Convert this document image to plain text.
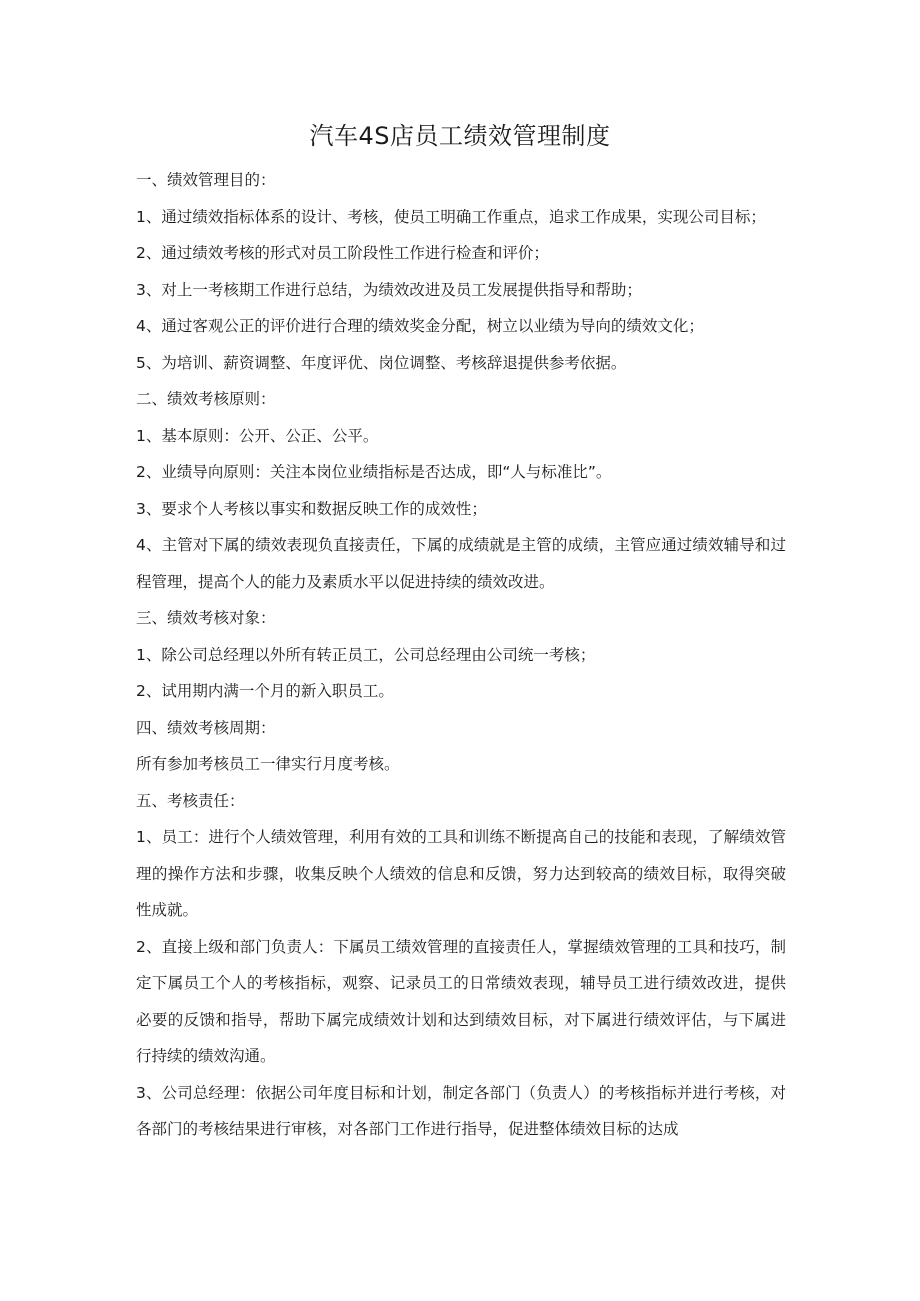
汽车4S店员工绩效管理制度

一、绩效管理目的：

1、通过绩效指标体系的设计、考核，使员工明确工作重点，追求工作成果，实现公司目标；

2、通过绩效考核的形式对员工阶段性工作进行检查和评价；

3、对上一考核期工作进行总结，为绩效改进及员工发展提供指导和帮助；

4、通过客观公正的评价进行合理的绩效奖金分配，树立以业绩为导向的绩效文化；

5、为培训、薪资调整、年度评优、岗位调整、考核辞退提供参考依据。

二、绩效考核原则：

1、基本原则：公开、公正、公平。

2、业绩导向原则：关注本岗位业绩指标是否达成，即“人与标准比”。

3、要求个人考核以事实和数据反映工作的成效性；

4、主管对下属的绩效表现负直接责任，下属的成绩就是主管的成绩，主管应通过绩效辅导和过程管理，提高个人的能力及素质水平以促进持续的绩效改进。

三、绩效考核对象：

1、除公司总经理以外所有转正员工，公司总经理由公司统一考核；

2、试用期内满一个月的新入职员工。

四、绩效考核周期：

所有参加考核员工一律实行月度考核。

五、考核责任：

1、员工：进行个人绩效管理，利用有效的工具和训练不断提高自己的技能和表现，了解绩效管理的操作方法和步骤，收集反映个人绩效的信息和反馈，努力达到较高的绩效目标，取得突破性成就。

2、直接上级和部门负责人：下属员工绩效管理的直接责任人，掌握绩效管理的工具和技巧，制定下属员工个人的考核指标，观察、记录员工的日常绩效表现，辅导员工进行绩效改进，提供必要的反馈和指导，帮助下属完成绩效计划和达到绩效目标，对下属进行绩效评估，与下属进行持续的绩效沟通。

3、公司总经理：依据公司年度目标和计划，制定各部门（负责人）的考核指标并进行考核，对各部门的考核结果进行审核，对各部门工作进行指导，促进整体绩效目标的达成
